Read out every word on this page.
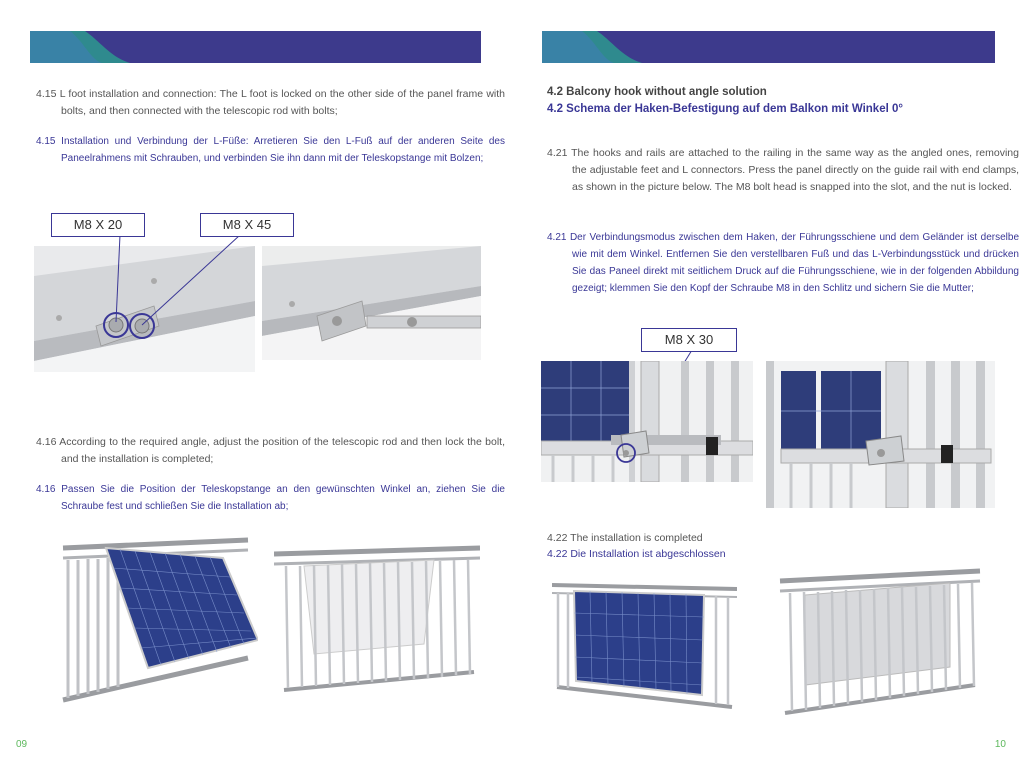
4.15 L foot installation and connection: The L foot is locked on the other side of the panel frame with bolts, and then connected with the telescopic rod with bolts;

4.15 Installation und Verbindung der L-Füße: Arretieren Sie den L-Fuß auf der anderen Seite des Paneelrahmens mit Schrauben, und verbinden Sie ihn dann mit der Teleskopstange mit Bolzen;

M8 X 20	M8 X 45

4.16 According to the required angle, adjust the position of the telescopic rod and then lock the bolt, and the installation is completed;

4.16 Passen Sie die Position der Teleskopstange an den gewünschten Winkel an, ziehen Sie die Schraube fest und schließen Sie die Installation ab;

09
4.2 Balcony hook without angle solution
4.2 Schema der Haken-Befestigung auf dem Balkon mit Winkel 0°

4.21 The hooks and rails are attached to the railing in the same way as the angled ones, removing the adjustable feet and L connectors. Press the panel directly on the guide rail with end clamps, as shown in the picture below. The M8 bolt head is snapped into the slot, and the nut is locked.

4.21 Der Verbindungsmodus zwischen dem Haken, der Führungsschiene und dem Geländer ist derselbe wie mit dem Winkel. Entfernen Sie den verstellbaren Fuß und das L-Verbindungsstück und drücken Sie das Paneel direkt mit seitlichem Druck auf die Führungsschiene, wie in der folgenden Abbildung gezeigt; klemmen Sie den Kopf der Schraube M8 in den Schlitz und sichern Sie die Mutter;

M8 X 30

4.22 The installation is completed

4.22 Die Installation ist abgeschlossen

10
